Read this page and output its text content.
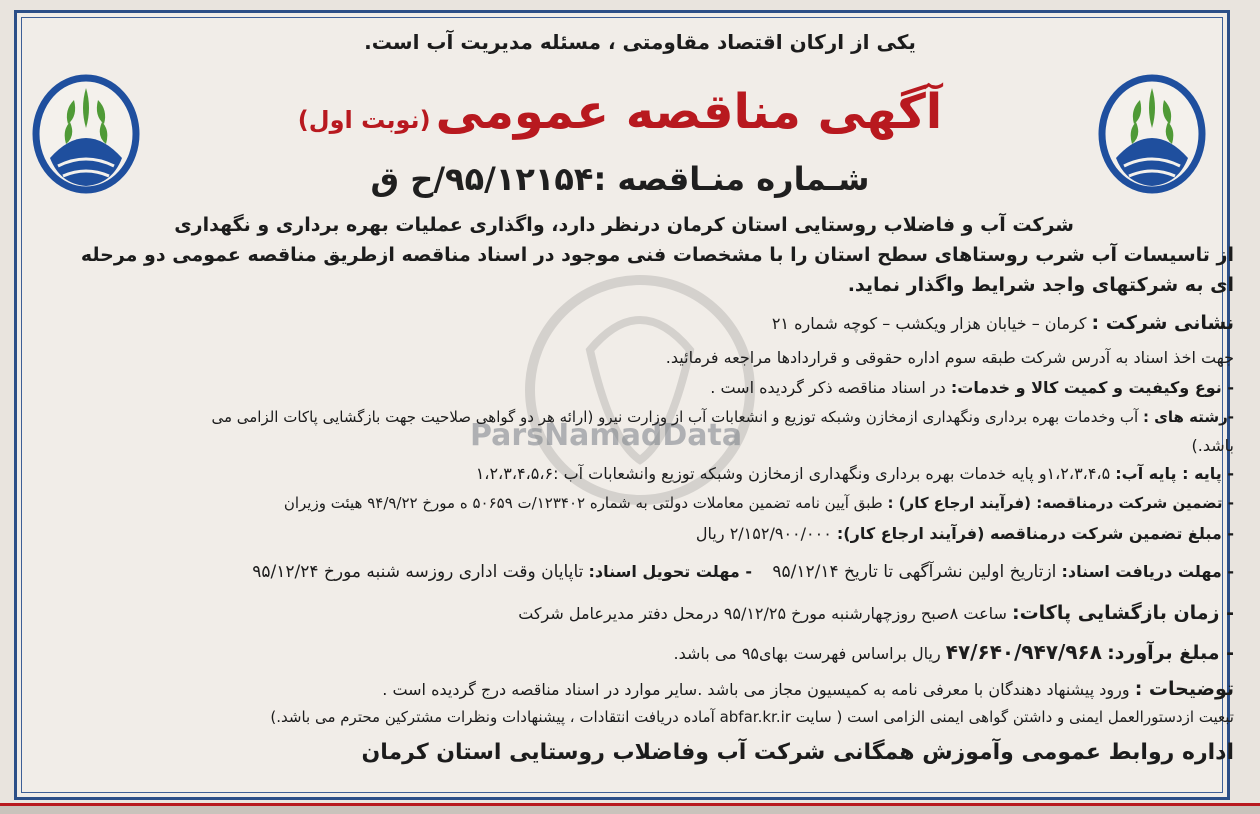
ParsNamadData
یکی از ارکان اقتصاد مقاومتی ، مسئله مدیریت آب است.
آگهی مناقصه عمومی (نوبت اول)
شـماره منـاقصه :۹۵/۱۲۱۵۴/ح ق
شرکت آب و فاضلاب روستایی استان کرمان درنظر دارد، واگذاری عملیات بهره برداری و نگهداری
از تاسیسات آب شرب روستاهای سطح استان را با مشخصات فنی موجود در اسناد مناقصه ازطریق مناقصه عمومی دو مرحله
ای به شرکتهای واجد شرایط واگذار نماید.
نشانی شرکت : کرمان – خیابان هزار ویکشب – کوچه شماره ۲۱
جهت اخذ اسناد به آدرس شرکت طبقه سوم اداره حقوقی و قراردادها مراجعه فرمائید.
- نوع وکیفیت و کمیت کالا و خدمات: در اسناد مناقصه ذکر گردیده است .
-رشته های : آب وخدمات بهره برداری ونگهداری ازمخازن وشبکه توزیع و انشعابات آب از وزارت نیرو (ارائه هر دو گواهی صلاحیت جهت بازگشایی پاکات الزامی می
باشد.)
- پایه : پایه آب: ۱،۲،۳،۴،۵و پایه خدمات بهره برداری ونگهداری ازمخازن وشبکه توزیع وانشعابات آب :۱،۲،۳،۴،۵،۶
- تضمین شرکت درمناقصه: (فرآیند ارجاع کار) : طبق آیین نامه تضمین معاملات دولتی به شماره ۱۲۳۴۰۲/ت ۵۰۶۵۹ ه مورخ ۹۴/۹/۲۲ هیئت وزیران
- مبلغ تضمین شرکت درمناقصه (فرآیند ارجاع کار): ۲/۱۵۲/۹۰۰/۰۰۰ ریال
- مهلت دریافت اسناد: ازتاریخ اولین نشرآگهی تا تاریخ ۹۵/۱۲/۱۴    - مهلت تحویل اسناد: تاپایان وقت اداری روزسه شنبه مورخ ۹۵/۱۲/۲۴
- زمان بازگشایی پاکات: ساعت ۸صبح روزچهارشنبه مورخ ۹۵/۱۲/۲۵ درمحل دفتر مدیرعامل شرکت
- مبلغ برآورد: ۴۷/۶۴۰/۹۴۷/۹۶۸ ریال براساس فهرست بهای۹۵ می باشد.
توضیحات : ورود پیشنهاد دهندگان با معرفی نامه به کمیسیون مجاز می باشد .سایر موارد در اسناد مناقصه درج گردیده است .
تبعیت ازدستورالعمل ایمنی و داشتن گواهی ایمنی الزامی است ( سایت abfar.kr.ir آماده دریافت انتقادات ، پیشنهادات ونظرات مشترکین محترم می باشد.)
اداره روابط عمومی وآموزش همگانی شرکت آب وفاضلاب روستایی استان کرمان
